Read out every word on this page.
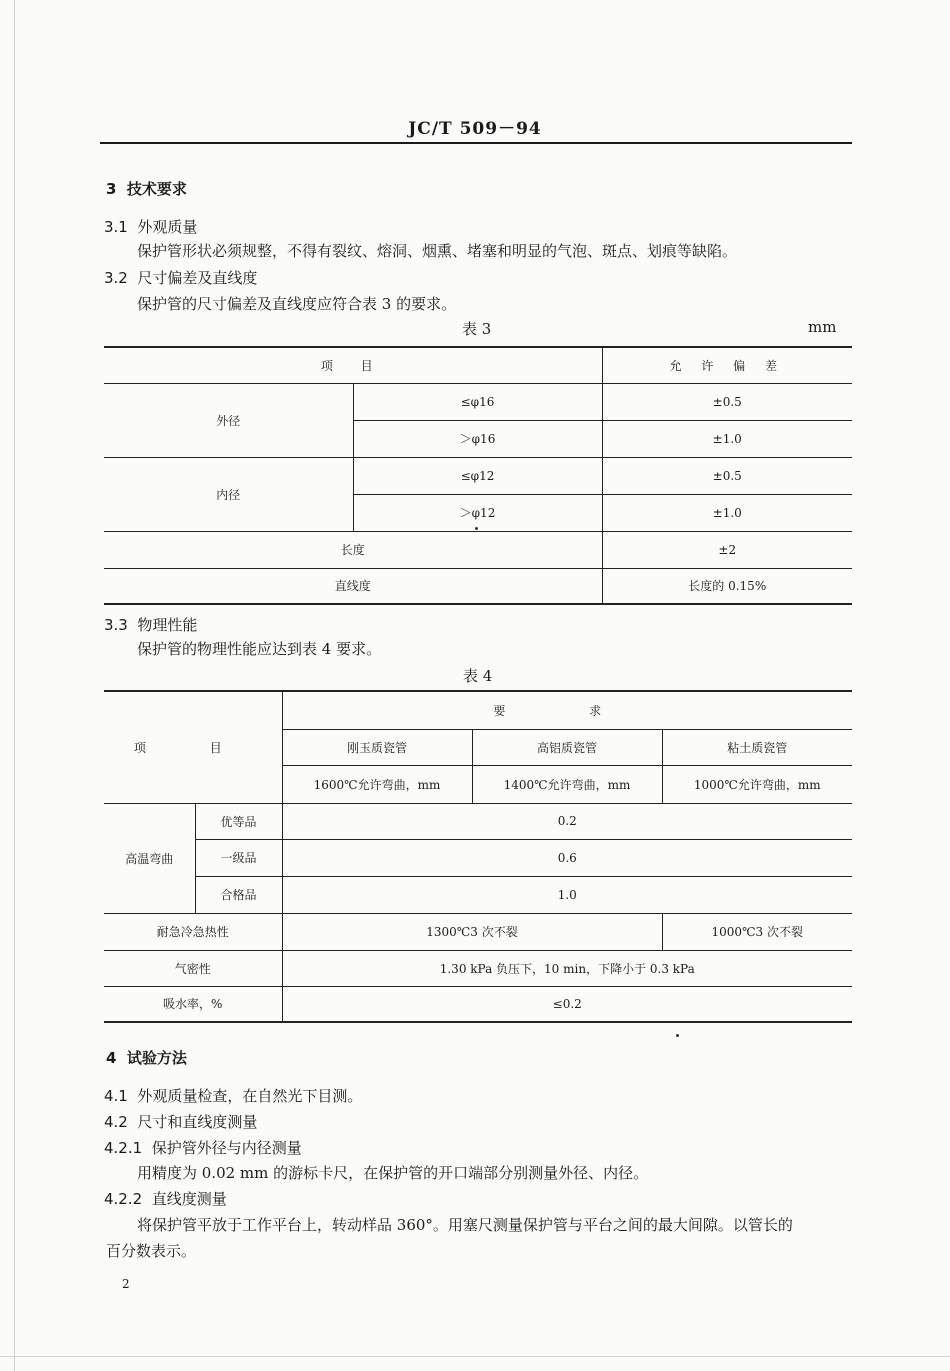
JC/T 509－94
3 技术要求
3.1 外观质量
保护管形状必须规整，不得有裂纹、熔洞、烟熏、堵塞和明显的气泡、斑点、划痕等缺陷。
3.2 尺寸偏差及直线度
保护管的尺寸偏差及直线度应符合表 3 的要求。
表 3	mm
项 目		允 许 偏 差
外径	≤φ16	±0.5
	＞φ16	±1.0
内径	≤φ12	±0.5
	＞φ12	±1.0
长度		±2
直线度		长度的 0.15%
3.3 物理性能
保护管的物理性能应达到表 4 要求。
表 4
项 目		要 求		
		刚玉质瓷管	高铝质瓷管	粘土质瓷管
		1600℃允许弯曲，mm	1400℃允许弯曲，mm	1000℃允许弯曲，mm
高温弯曲	优等品	0.2		
	一级品	0.6		
	合格品	1.0		
耐急冷急热性		1300℃3 次不裂		1000℃3 次不裂
气密性		1.30 kPa 负压下，10 min，下降小于 0.3 kPa		
吸水率，%		≤0.2		
4 试验方法
4.1 外观质量检查，在自然光下目测。
4.2 尺寸和直线度测量
4.2.1 保护管外径与内径测量
用精度为 0.02 mm 的游标卡尺，在保护管的开口端部分别测量外径、内径。
4.2.2 直线度测量
将保护管平放于工作平台上，转动样品 360°。用塞尺测量保护管与平台之间的最大间隙。以管长的
百分数表示。
2
